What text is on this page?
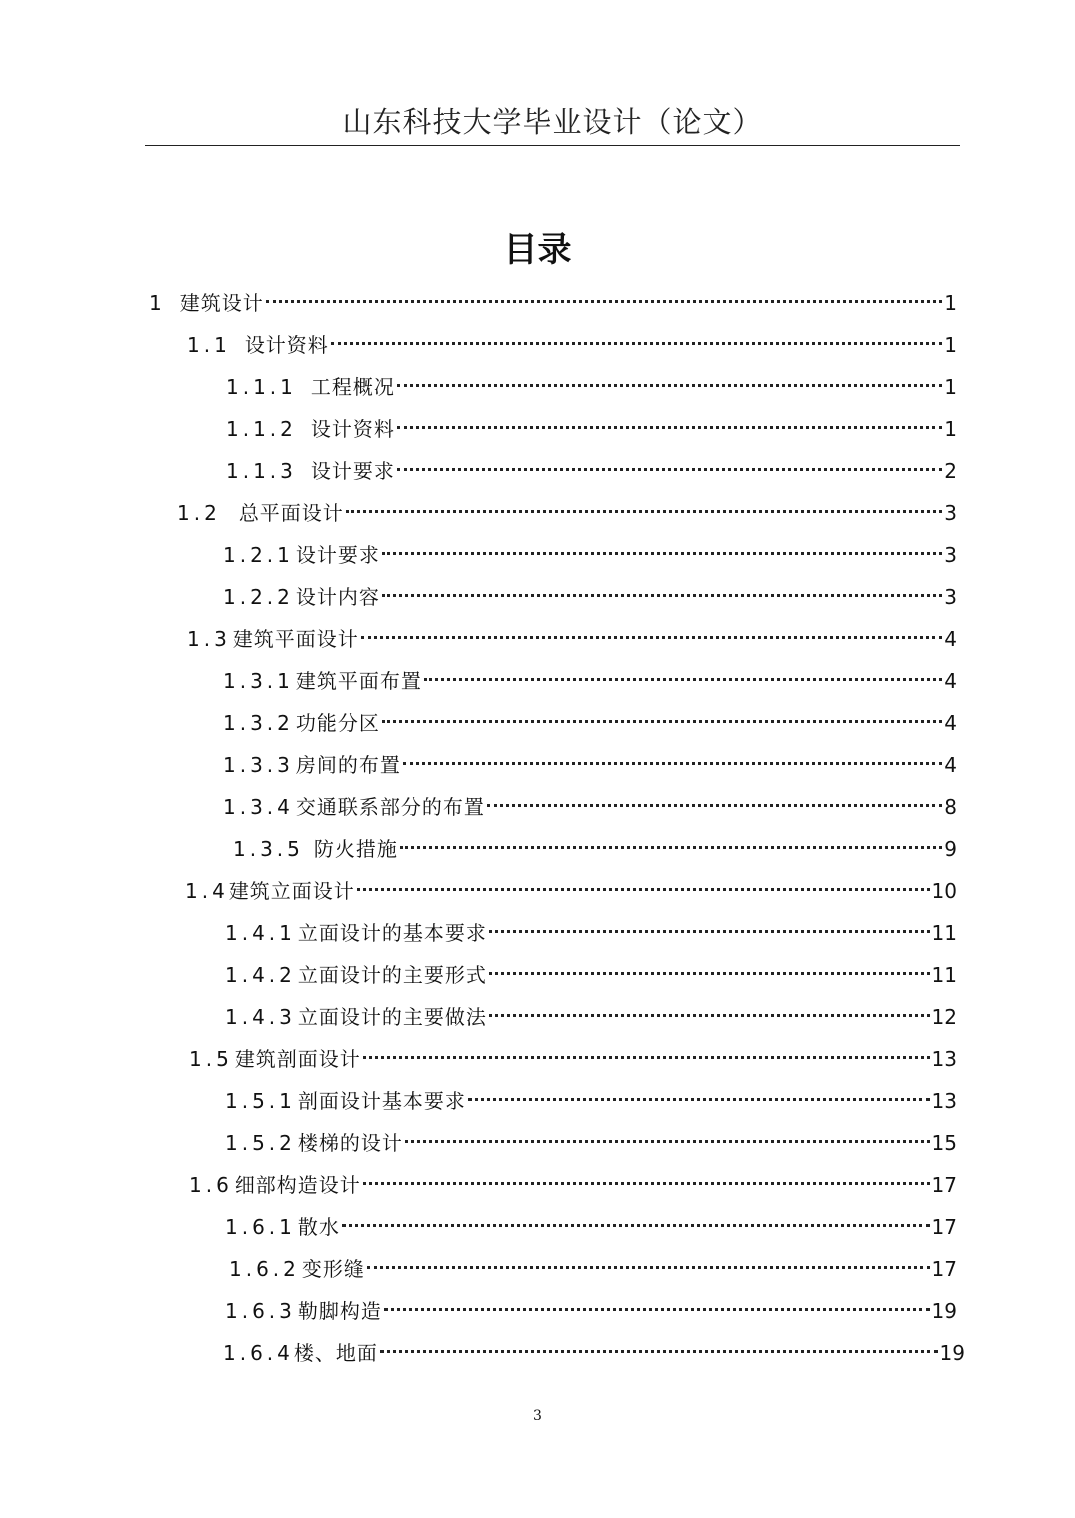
山东科技大学毕业设计（论文）
目录
1 建筑设计	1
1.1 设计资料	1
1.1.1 工程概况	1
1.1.2 设计资料	1
1.1.3 设计要求	2
1.2 总平面设计	3
1.2.1 设计要求	3
1.2.2 设计内容	3
1.3 建筑平面设计	4
1.3.1 建筑平面布置	4
1.3.2 功能分区	4
1.3.3 房间的布置	4
1.3.4 交通联系部分的布置	8
1.3.5 防火措施	9
1.4 建筑立面设计	10
1.4.1 立面设计的基本要求	11
1.4.2 立面设计的主要形式	11
1.4.3 立面设计的主要做法	12
1.5 建筑剖面设计	13
1.5.1 剖面设计基本要求	13
1.5.2 楼梯的设计	15
1.6 细部构造设计	17
1.6.1 散水	17
1.6.2 变形缝	17
1.6.3 勒脚构造	19
1.6.4 楼、地面	19
3
